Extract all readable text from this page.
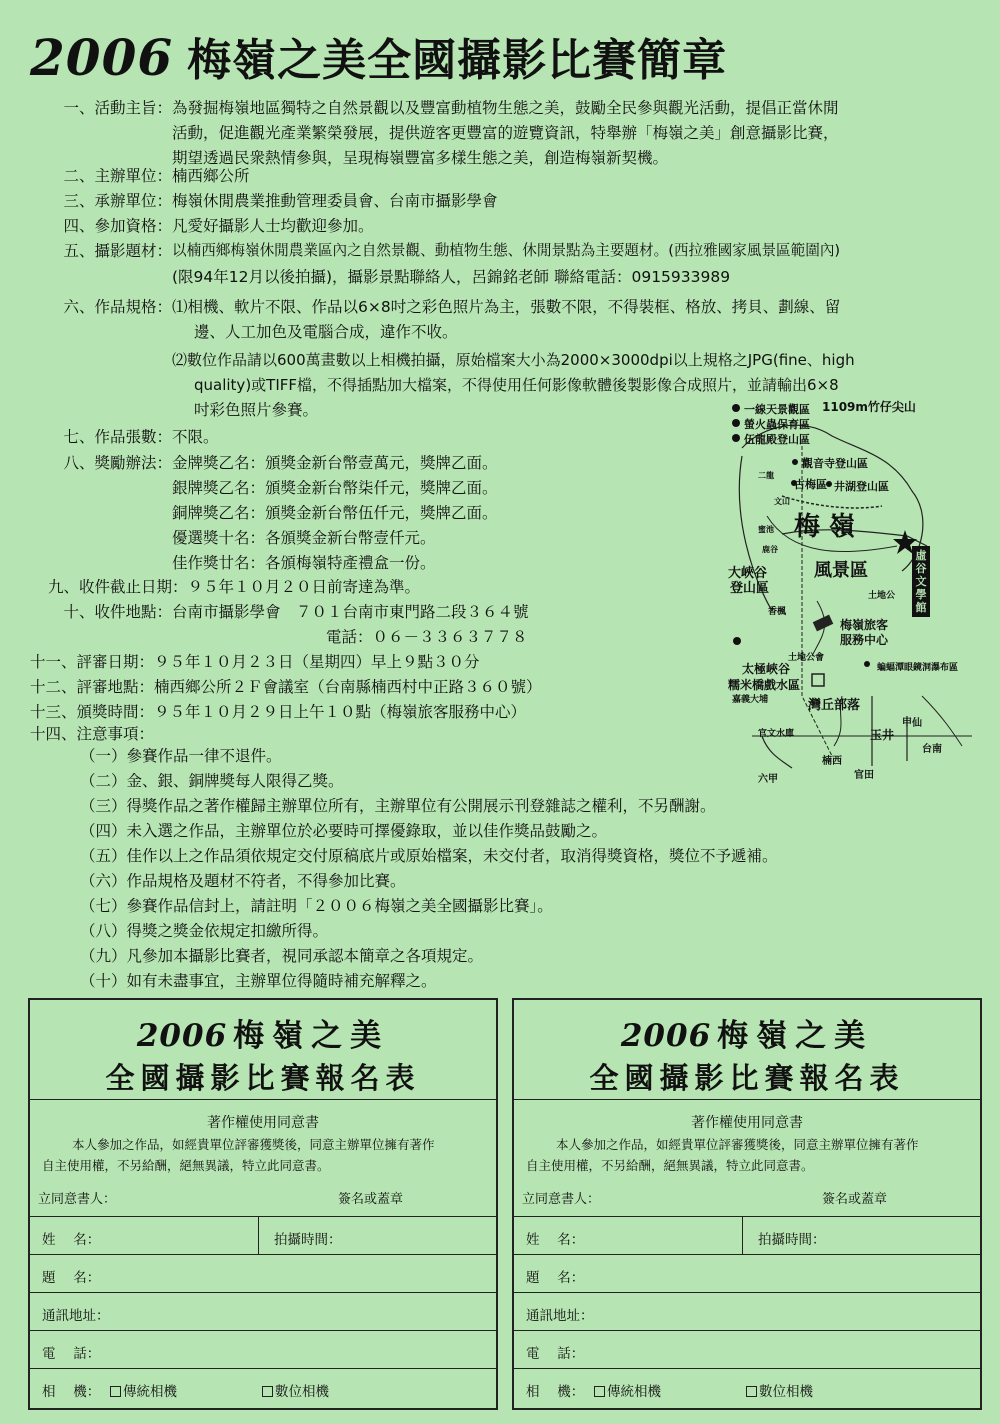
2006 梅嶺之美全國攝影比賽簡章
一、活動主旨： 為發掘梅嶺地區獨特之自然景觀以及豐富動植物生態之美，鼓勵全民參與觀光活動，提倡正當休閒
活動，促進觀光產業繁榮發展，提供遊客更豐富的遊覽資訊，特舉辦「梅嶺之美」創意攝影比賽，
期望透過民衆熱情參與，呈現梅嶺豐富多樣生態之美，創造梅嶺新契機。
二、主辦單位： 楠西鄉公所
三、承辦單位： 梅嶺休閒農業推動管理委員會、台南市攝影學會
四、參加資格： 凡愛好攝影人士均歡迎參加。
五、攝影題材： 以楠西鄉梅嶺休閒農業區內之自然景觀、動植物生態、休閒景點為主要題材。(西拉雅國家風景區範圍內)
(限94年12月以後拍攝)，攝影景點聯絡人，呂錦銘老師 聯絡電話：0915933989
六、作品規格： ⑴相機、軟片不限、作品以6×8吋之彩色照片為主，張數不限，不得裝框、格放、拷貝、劃線、留
邊、人工加色及電腦合成，違作不收。
⑵數位作品請以600萬畫數以上相機拍攝，原始檔案大小為2000×3000dpi以上規格之JPG(fine、high
quality)或TIFF檔，不得插點加大檔案，不得使用任何影像軟體後製影像合成照片，並請輸出6×8
吋彩色照片參賽。
七、作品張數： 不限。
八、獎勵辦法： 金牌獎乙名：頒獎金新台幣壹萬元，獎牌乙面。
銀牌獎乙名：頒獎金新台幣柒仟元，獎牌乙面。
銅牌獎乙名：頒獎金新台幣伍仟元，獎牌乙面。
優選獎十名：各頒獎金新台幣壹仟元。
佳作獎廿名：各頒梅嶺特產禮盒一份。
九、收件截止日期：９５年１０月２０日前寄達為準。
十、收件地點： 台南市攝影學會　７０１台南市東門路二段３６４號
電話：０６－３３６３７７８
十一、評審日期：９５年１０月２３日（星期四）早上９點３０分
十二、評審地點：楠西鄉公所２Ｆ會議室（台南縣楠西村中正路３６０號）
十三、頒獎時間：９５年１０月２９日上午１０點（梅嶺旅客服務中心）
十四、注意事項：
（一）參賽作品一律不退件。
（二）金、銀、銅牌獎每人限得乙獎。
（三）得獎作品之著作權歸主辦單位所有，主辦單位有公開展示刊登雜誌之權利，不另酬謝。
（四）未入選之作品，主辦單位於必要時可擇優錄取，並以佳作獎品鼓勵之。
（五）佳作以上之作品須依規定交付原稿底片或原始檔案，未交付者，取消得獎資格，獎位不予遞補。
（六）作品規格及題材不符者，不得參加比賽。
（七）參賽作品信封上，請註明「２００６梅嶺之美全國攝影比賽」。
（八）得獎之獎金依規定扣繳所得。
（九）凡參加本攝影比賽者，視同承認本簡章之各項規定。
（十）如有未盡事宜，主辦單位得隨時補充解釋之。
1109m竹仔尖山
一線天景觀區
螢火蟲保育區
伍龍殿登山區
觀音寺登山區
古梅區 井湖登山區
二龍
文山
蜜池
鹿谷
梅 嶺
風景區
大峽谷
登山區
虛谷文學館
土地公
香楓
梅嶺旅客
服務中心
土地公會
蝙蝠潭眼鏡洞瀑布區
太極峽谷
糯米橋戲水區
嘉義大埔	灣丘部落
甲仙
玉井
台南
官文水庫
楠西
官田
六甲
2006 梅嶺之美
全國攝影比賽報名表
著作權使用同意書
本人參加之作品，如經貴單位評審獲獎後，同意主辦單位擁有著作
自主使用權，不另給酬，絕無異議，特立此同意書。
立同意書人：	簽名或蓋章
姓　 名：	拍攝時間：
題　 名：
通訊地址：
電　 話：
相　 機：	傳統相機	數位相機
2006 梅嶺之美
全國攝影比賽報名表
著作權使用同意書
本人參加之作品，如經貴單位評審獲獎後，同意主辦單位擁有著作
自主使用權，不另給酬，絕無異議，特立此同意書。
立同意書人：	簽名或蓋章
姓　 名：	拍攝時間：
題　 名：
通訊地址：
電　 話：
相　 機：	傳統相機	數位相機
